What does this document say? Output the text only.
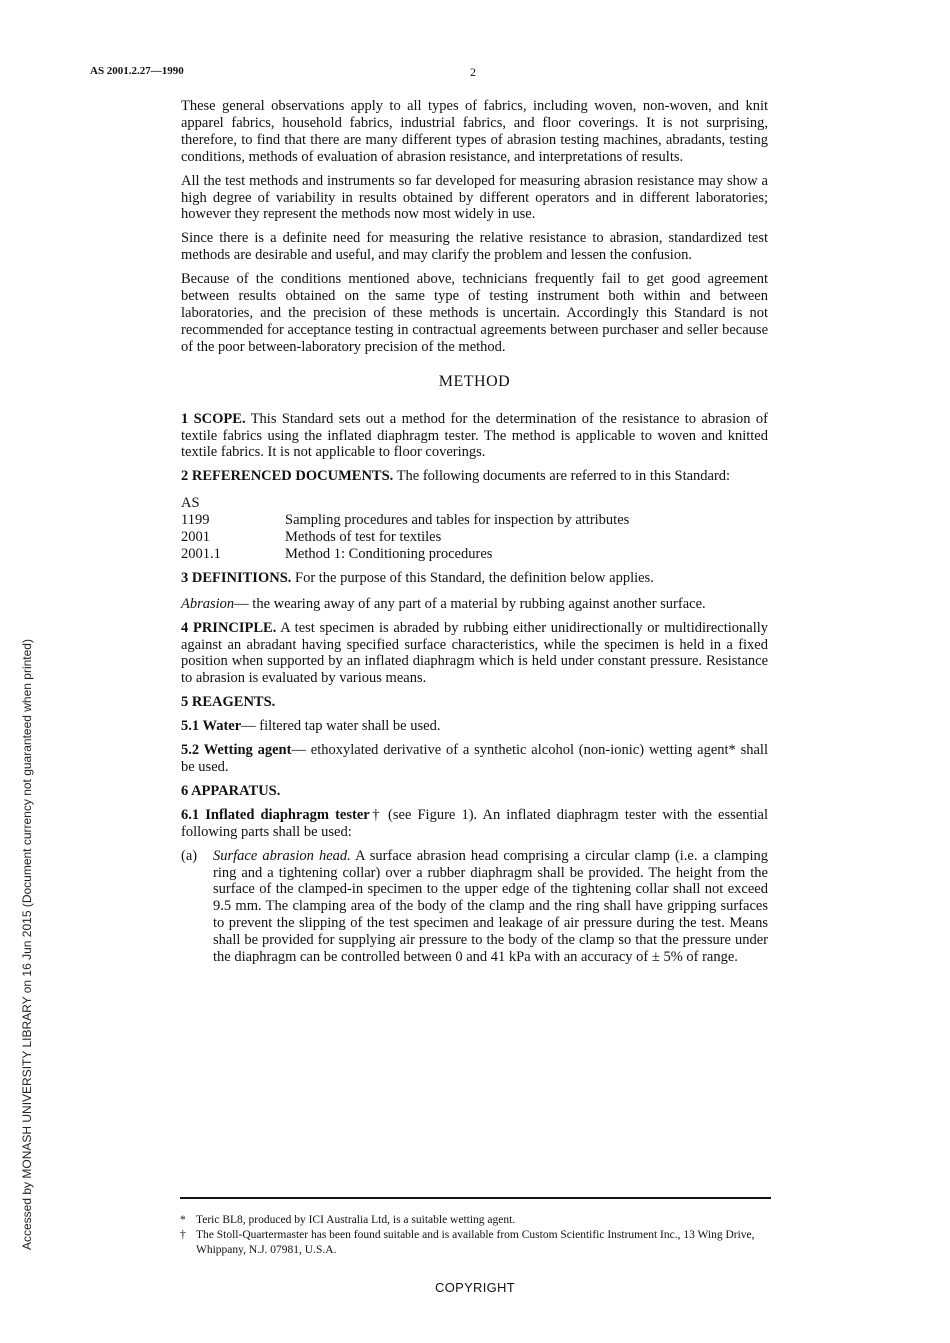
AS 2001.2.27—1990	2
Accessed by MONASH UNIVERSITY LIBRARY on 16 Jun 2015 (Document currency not guaranteed when printed)

These general observations apply to all types of fabrics, including woven, non-woven, and knit apparel fabrics, household fabrics, industrial fabrics, and floor coverings. It is not surprising, therefore, to find that there are many different types of abrasion testing machines, abradants, testing conditions, methods of evaluation of abrasion resistance, and interpretations of results.

All the test methods and instruments so far developed for measuring abrasion resistance may show a high degree of variability in results obtained by different operators and in different laboratories; however they represent the methods now most widely in use.

Since there is a definite need for measuring the relative resistance to abrasion, standardized test methods are desirable and useful, and may clarify the problem and lessen the confusion.

Because of the conditions mentioned above, technicians frequently fail to get good agreement between results obtained on the same type of testing instrument both within and between laboratories, and the precision of these methods is uncertain. Accordingly this Standard is not recommended for acceptance testing in contractual agreements between purchaser and seller because of the poor between-laboratory precision of the method.

METHOD

1 SCOPE. This Standard sets out a method for the determination of the resistance to abrasion of textile fabrics using the inflated diaphragm tester. The method is applicable to woven and knitted textile fabrics. It is not applicable to floor coverings.

2 REFERENCED DOCUMENTS. The following documents are referred to in this Standard:

AS
1199	Sampling procedures and tables for inspection by attributes
2001	Methods of test for textiles
2001.1	Method 1: Conditioning procedures

3 DEFINITIONS. For the purpose of this Standard, the definition below applies.

Abrasion— the wearing away of any part of a material by rubbing against another surface.

4 PRINCIPLE. A test specimen is abraded by rubbing either unidirectionally or multidirectionally against an abradant having specified surface characteristics, while the specimen is held in a fixed position when supported by an inflated diaphragm which is held under constant pressure. Resistance to abrasion is evaluated by various means.

5 REAGENTS.

5.1 Water— filtered tap water shall be used.

5.2 Wetting agent— ethoxylated derivative of a synthetic alcohol (non-ionic) wetting agent* shall be used.

6 APPARATUS.

6.1 Inflated diaphragm tester† (see Figure 1). An inflated diaphragm tester with the essential following parts shall be used:

(a)	Surface abrasion head. A surface abrasion head comprising a circular clamp (i.e. a clamping ring and a tightening collar) over a rubber diaphragm shall be provided. The height from the surface of the clamped-in specimen to the upper edge of the tightening collar shall not exceed 9.5 mm. The clamping area of the body of the clamp and the ring shall have gripping surfaces to prevent the slipping of the test specimen and leakage of air pressure during the test. Means shall be provided for supplying air pressure to the body of the clamp so that the pressure under the diaphragm can be controlled between 0 and 41 kPa with an accuracy of ± 5% of range.
* Teric BL8, produced by ICI Australia Ltd, is a suitable wetting agent.
† The Stoll-Quartermaster has been found suitable and is available from Custom Scientific Instrument Inc., 13 Wing Drive, Whippany, N.J. 07981, U.S.A.
COPYRIGHT
